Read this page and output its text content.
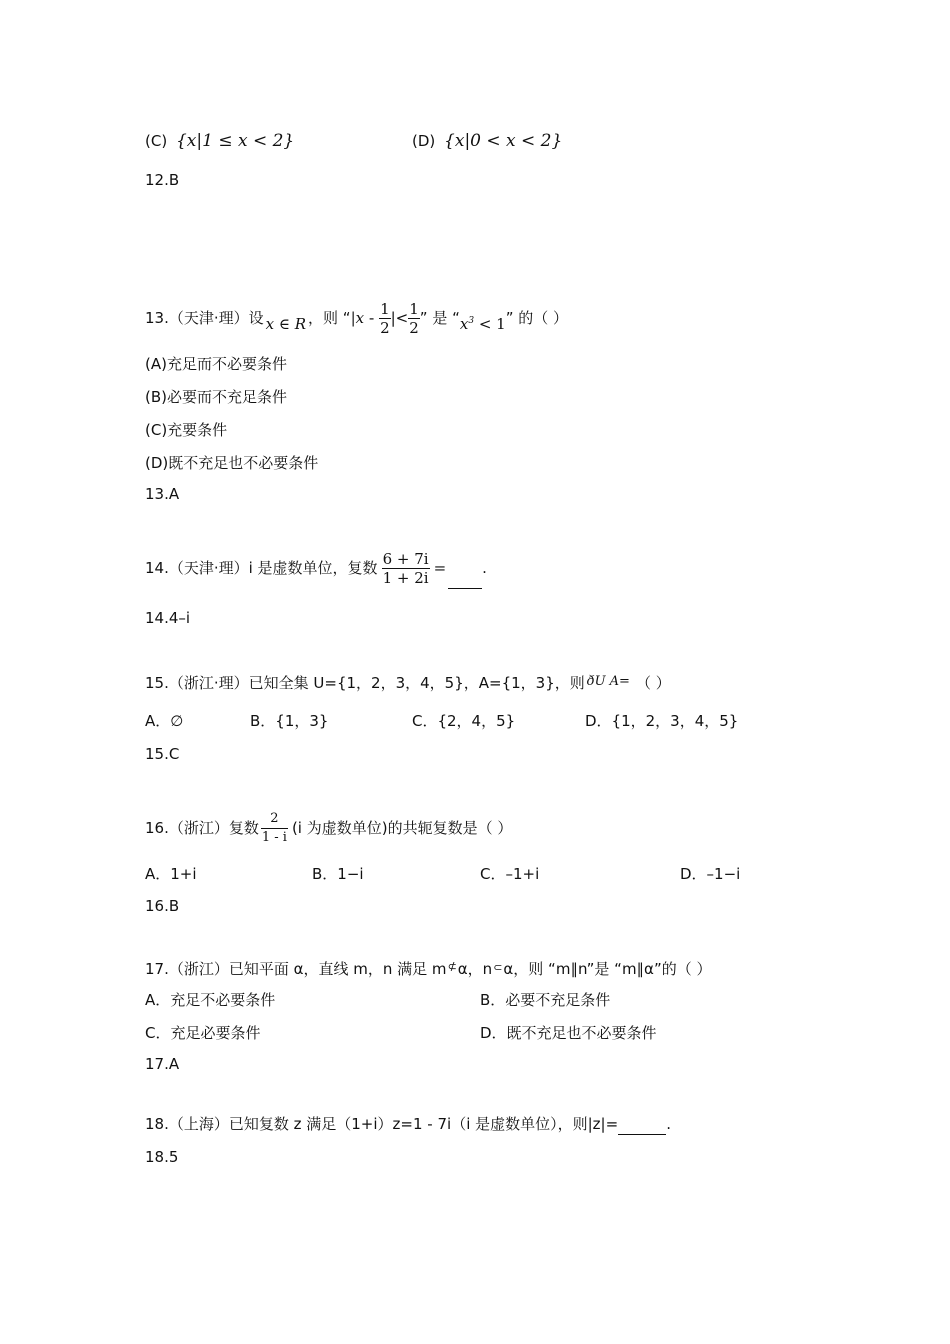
(C) {x|1 ≤ x < 2}	(D) {x|0 < x < 2}
12.B
13.（天津·理）设 x ∈ R ，则 “$|x - \frac{1}{2}$ |< $\frac{1}{2}$ ” 是 “$x^3 < 1$” 的（ ）
(A)充足而不必要条件
(B)必要而不充足条件
(C)充要条件
(D)既不充足也不必要条件
13.A
14.（天津·理）i 是虚数单位，复数 $\frac{6 + 7i}{1 + 2i}$ = .
14.4–i
15.（浙江·理）已知全集 U={1，2，3，4，5}，A={1，3}，则 ðU A= （ ）
A．∅	B．{1，3}	C．{2，4，5}	D．{1，2，3，4，5}
15.C
16.（浙江）复数 $\frac{2}{1 - i} (i$ 为虚数单位)的共轭复数是（ ）
A．1+i	B．1−i	C．–1+i	D．–1−i
16.B
17.（浙江）已知平面 α，直线 m，n 满足 m⊄α，n⊂α，则 “m∥n”是 “m∥α”的（ ）
A．充足不必要条件	B．必要不充足条件
C．充足必要条件	D．既不充足也不必要条件
17.A
18.（上海）已知复数 z 满足（1+i）z=1 - 7i（i 是虚数单位），则|z|=	.
18.5
